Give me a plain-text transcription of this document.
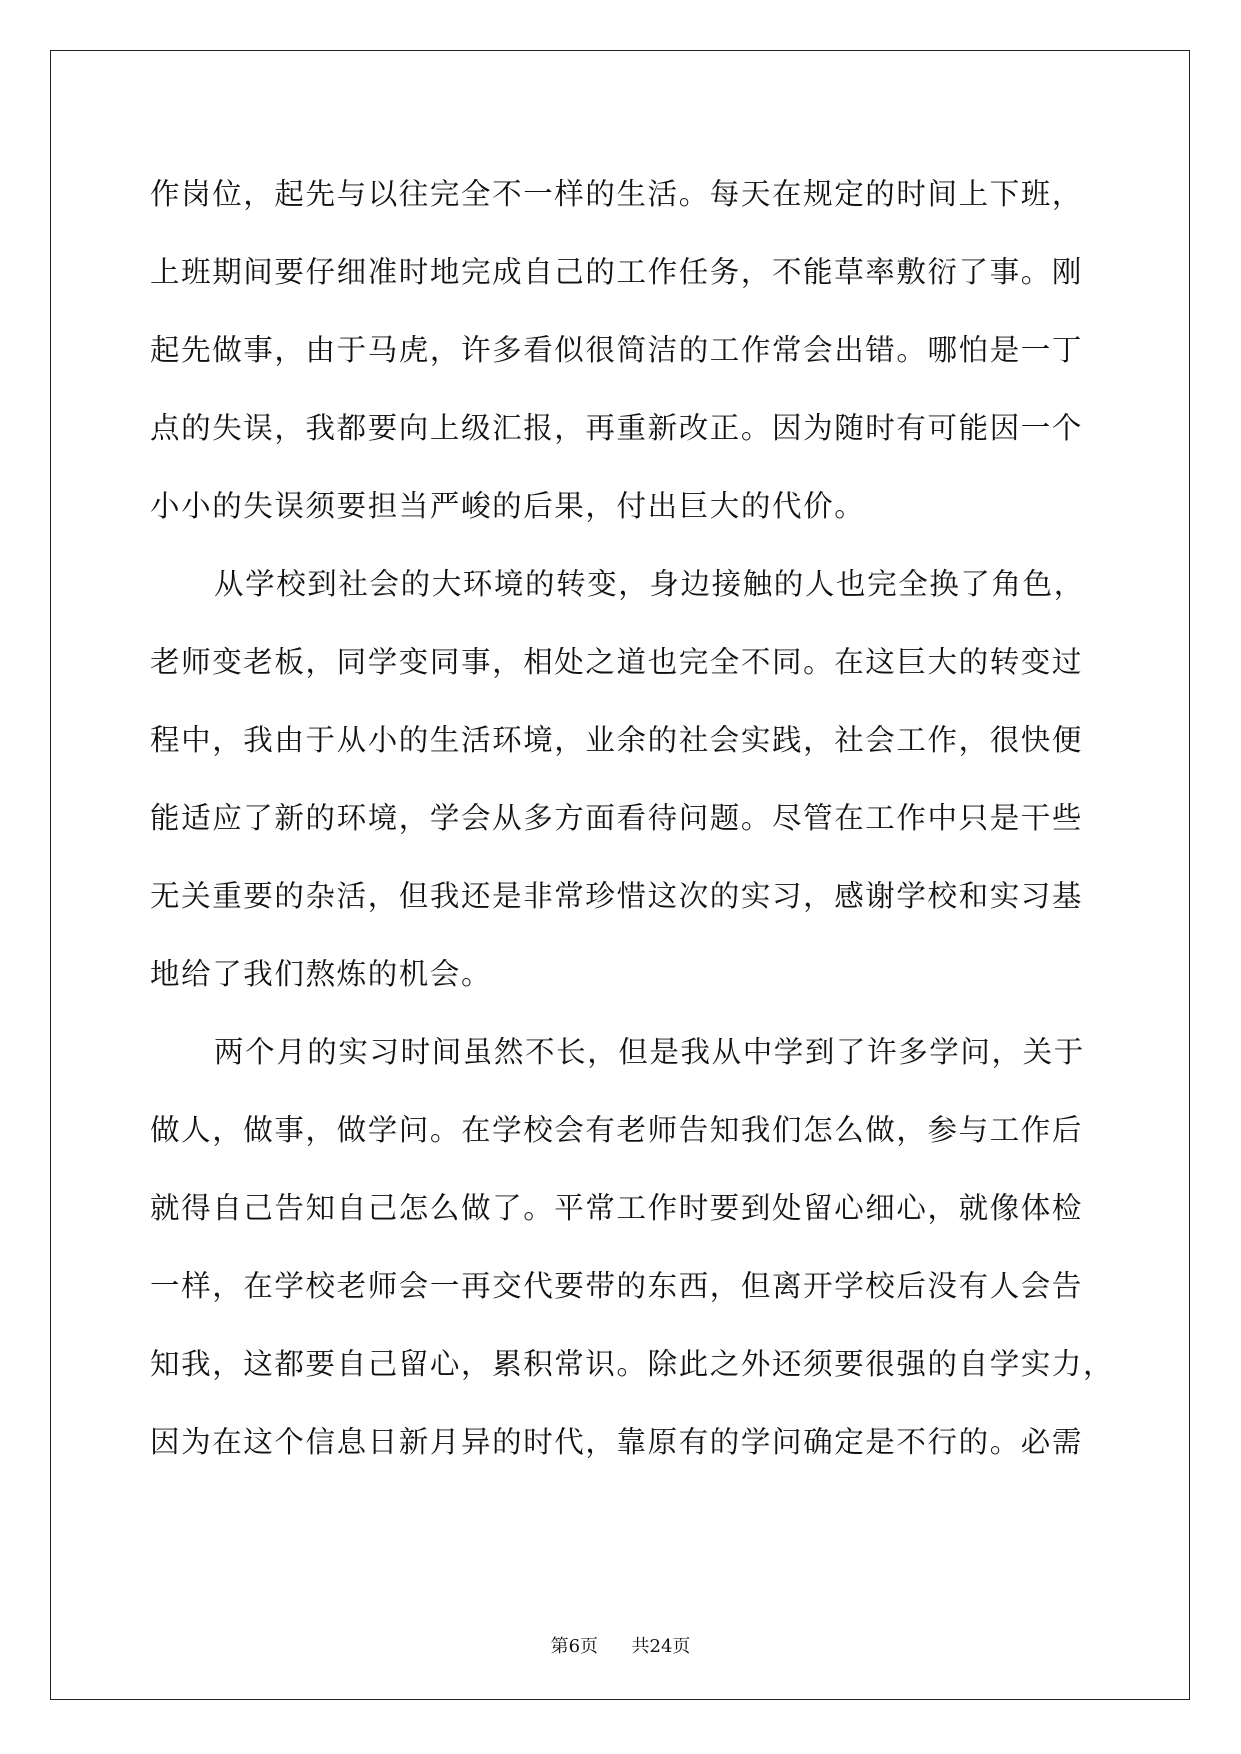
作岗位，起先与以往完全不一样的生活。每天在规定的时间上下班，
上班期间要仔细准时地完成自己的工作任务，不能草率敷衍了事。刚
起先做事，由于马虎，许多看似很简洁的工作常会出错。哪怕是一丁
点的失误，我都要向上级汇报，再重新改正。因为随时有可能因一个
小小的失误须要担当严峻的后果，付出巨大的代价。
从学校到社会的大环境的转变，身边接触的人也完全换了角色，
老师变老板，同学变同事，相处之道也完全不同。在这巨大的转变过
程中，我由于从小的生活环境，业余的社会实践，社会工作，很快便
能适应了新的环境，学会从多方面看待问题。尽管在工作中只是干些
无关重要的杂活，但我还是非常珍惜这次的实习，感谢学校和实习基
地给了我们熬炼的机会。
两个月的实习时间虽然不长，但是我从中学到了许多学问，关于
做人，做事，做学问。在学校会有老师告知我们怎么做，参与工作后
就得自己告知自己怎么做了。平常工作时要到处留心细心，就像体检
一样，在学校老师会一再交代要带的东西，但离开学校后没有人会告
知我，这都要自己留心，累积常识。除此之外还须要很强的自学实力，
因为在这个信息日新月异的时代，靠原有的学问确定是不行的。必需
第6页 共24页
